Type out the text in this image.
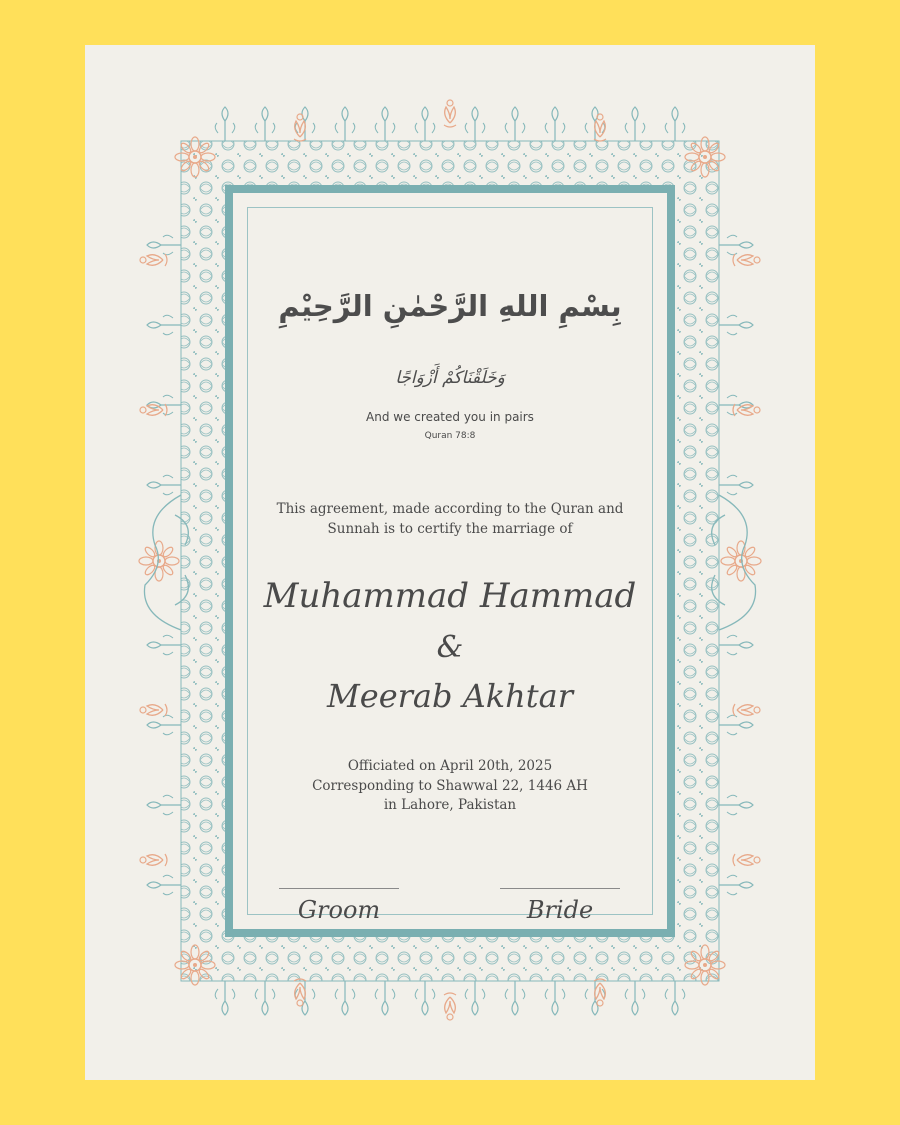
بِسْمِ اللهِ الرَّحْمٰنِ الرَّحِيْمِ
وَخَلَقْنَاكُمْ أَزْوَاجًا
And we created you in pairs
Quran 78:8
This agreement, made according to the Quran and Sunnah is to certify the marriage of
Muhammad Hammad
&
Meerab Akhtar
Officiated on April 20th, 2025
Corresponding to Shawwal 22, 1446 AH
in Lahore, Pakistan
Groom	Bride
